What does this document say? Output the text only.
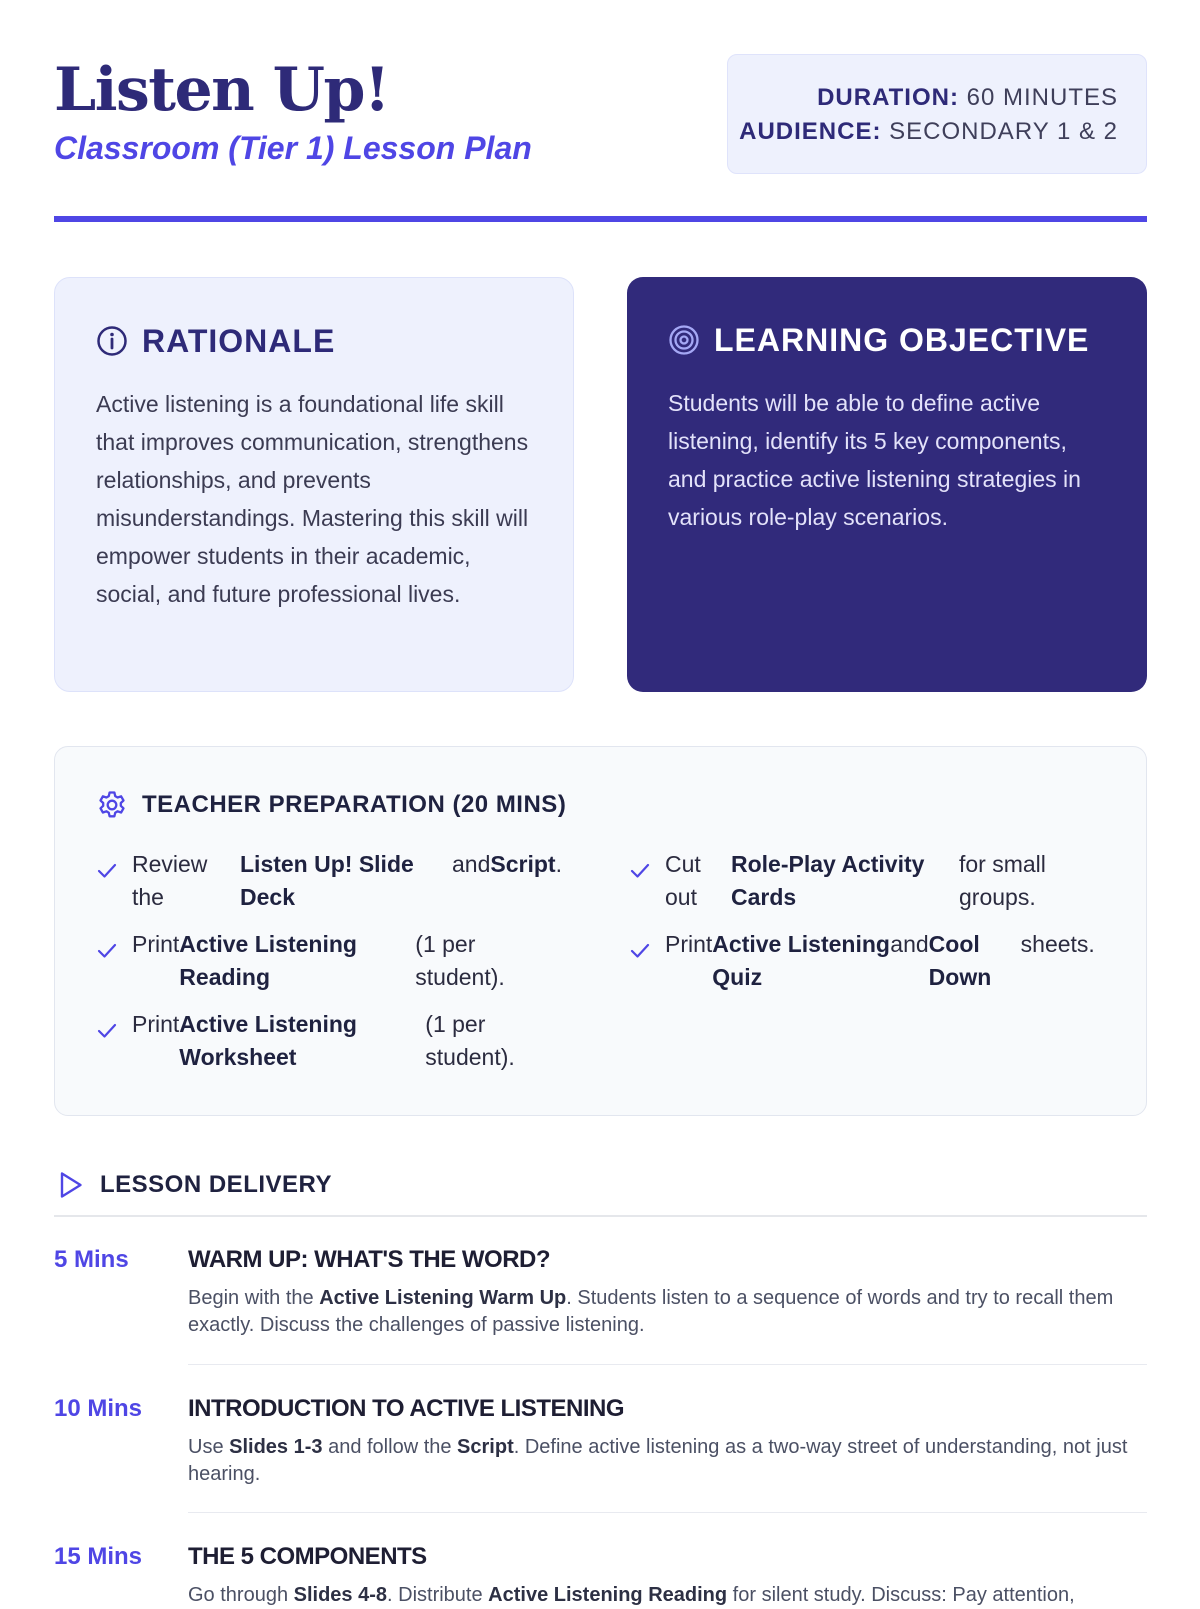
Listen Up!
Classroom (Tier 1) Lesson Plan
DURATION: 60 MINUTES
AUDIENCE: SECONDARY 1 & 2
RATIONALE
Active listening is a foundational life skill that improves communication, strengthens relationships, and prevents misunderstandings. Mastering this skill will empower students in their academic, social, and future professional lives.
LEARNING OBJECTIVE
Students will be able to define active listening, identify its 5 key components, and practice active listening strategies in various role-play scenarios.
TEACHER PREPARATION (20 MINS)
Review the
Listen Up! Slide Deck
and Script .	Cut out
Role-Play Activity Cards
for small groups.
Print Active Listening Reading
(1 per student).
Print Active Listening Quiz
and Cool Down
sheets.
Print Active Listening Worksheet
(1 per student).
LESSON DELIVERY
5 Mins WARM UP: WHAT'S THE WORD?
Begin with the Active Listening Warm Up. Students listen to a sequence of words and try to recall them exactly. Discuss the challenges of passive listening.
10 Mins INTRODUCTION TO ACTIVE LISTENING
Use Slides 1-3 and follow the Script. Define active listening as a two-way street of understanding, not just hearing.
15 Mins THE 5 COMPONENTS
Go through Slides 4-8. Distribute Active Listening Reading for silent study. Discuss: Pay attention,
